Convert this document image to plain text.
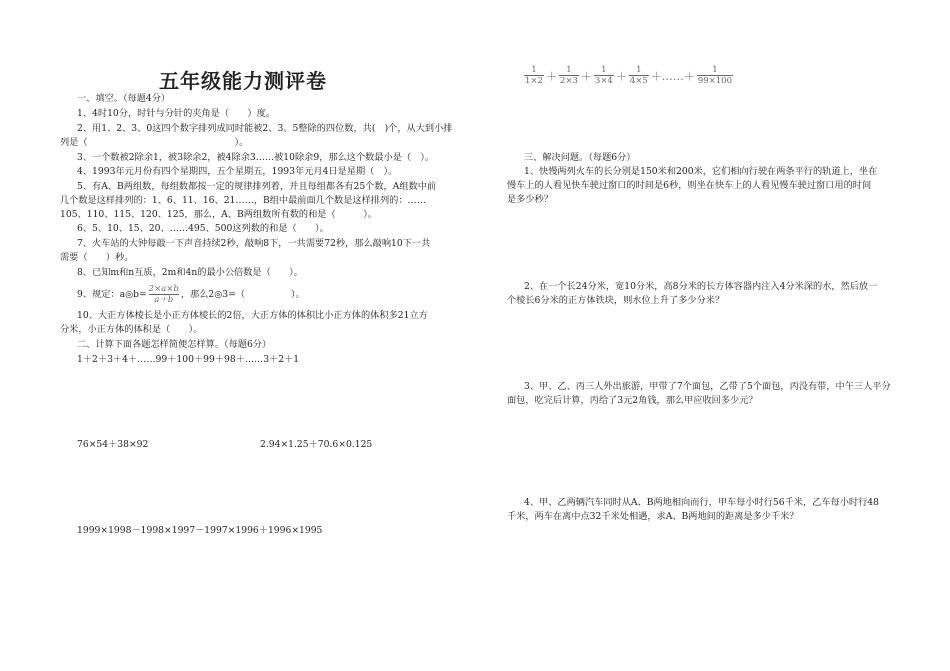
五年级能力测评卷
一、填空。（每题4分）
1、4时10分，时针与分针的夹角是（　　）度。
2、用1、2、3、0这四个数字排列成同时能被2、3、5整除的四位数，共(　)个，从大到小排
列是（　　　　　　　　　　　　　　　　）。
3、一个数被2除余1，被3除余2，被4除余3……被10除余9，那么这个数最小是（　）。
4、1993年元月份有四个星期四，五个星期五，1993年元月4日是星期（　）。
5、有A、B两组数，每组数都按一定的规律排列着，并且每组都各有25个数，A组数中前
几个数是这样排列的：1、6、11、16、21……，B组中最前面几个数是这样排列的：……
105、110、115、120、125，那么，A、B两组数所有数的和是（　　　）。
6、5、10、15、20、……495、500这列数的和是（　　）。
7、火车站的大钟每敲一下声音持续2秒，敲响8下，一共需要72秒，那么敲响10下一共
需要（　　）秒。
8、已知m和n互质，2m和4n的最小公倍数是（　　）。
9、规定：a◎b= $\frac{2\times a\times b}{a+b}$ ，那么2◎3=（　　　　　）。
10、大正方体棱长是小正方体棱长的2倍，大正方体的体积比小正方体的体积多21立方
分米，小正方体的体积是（　　）。
二、计算下面各题怎样简便怎样算。（每题6分）
1＋2＋3＋4＋……99＋100＋99＋98＋……3＋2＋1
76×54＋38×92	2.94×1.25＋70.6×0.125
1999×1998－1998×1997－1997×1996＋1996×1995
$\frac{1}{1\times 2} + \frac{1}{2\times 3} + \frac{1}{3\times 4} + \frac{1}{4\times 5}$ ＋……＋ $\frac{1}{99\times 100}$
三、解决问题。（每题6分）
1、快慢两列火车的长分别是150米和200米，它们相向行驶在两条平行的轨道上，坐在
慢车上的人看见快车驶过窗口的时间是6秒，则坐在快车上的人看见慢车驶过窗口用的时间
是多少秒？
2、在一个长24分米，宽10分米，高8分米的长方体容器内注入4分米深的水，然后放一
个棱长6分米的正方体铁块，则水位上升了多少分米？
3、甲、乙、丙三人外出旅游，甲带了7个面包，乙带了5个面包，丙没有带，中午三人平分
面包，吃完后计算，丙给了3元2角钱，那么甲应收回多少元？
4、甲、乙两辆汽车同时从A、B两地相向而行，甲车每小时行56千米，乙车每小时行48
千米，两车在离中点32千米处相遇，求A、B两地间的距离是多少千米？
